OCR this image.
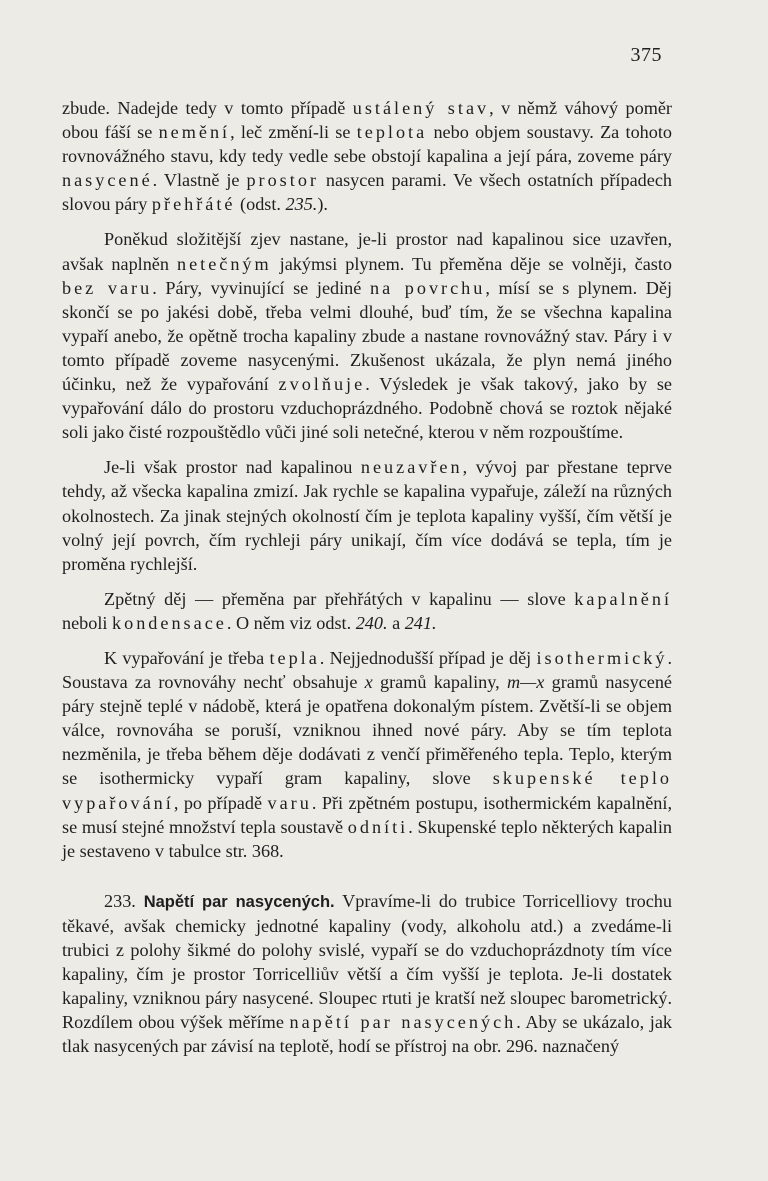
375

zbude. Nadejde tedy v tomto případě ustálený stav, v němž váhový poměr obou fáší se nemění, leč změní-li se teplota nebo objem soustavy. Za tohoto rovnovážného stavu, kdy tedy vedle sebe obstojí kapalina a její pára, zoveme páry nasycené. Vlastně je prostor nasycen parami. Ve všech ostatních případech slovou páry přehřáté (odst. 235.).

Poněkud složitější zjev nastane, je-li prostor nad kapalinou sice uzavřen, avšak naplněn netečným jakýmsi plynem. Tu přeměna děje se volněji, často bez varu. Páry, vyvinující se jediné na povrchu, mísí se s plynem. Děj skončí se po jakési době, třeba velmi dlouhé, buď tím, že se všechna kapalina vypaří anebo, že opětně trocha kapaliny zbude a nastane rovnovážný stav. Páry i v tomto případě zoveme nasycenými. Zkušenost ukázala, že plyn nemá jiného účinku, než že vypařování zvolňuje. Výsledek je však takový, jako by se vypařování dálo do prostoru vzduchoprázdného. Podobně chová se roztok nějaké soli jako čisté rozpouštědlo vůči jiné soli netečné, kterou v něm rozpouštíme.

Je-li však prostor nad kapalinou neuzavřen, vývoj par přestane teprve tehdy, až všecka kapalina zmizí. Jak rychle se kapalina vypařuje, záleží na různých okolnostech. Za jinak stejných okolností čím je teplota kapaliny vyšší, čím větší je volný její povrch, čím rychleji páry unikají, čím více dodává se tepla, tím je proměna rychlejší.

Zpětný děj — přeměna par přehřátých v kapalinu — slove kapalnění neboli kondensace. O něm viz odst. 240. a 241.

K vypařování je třeba tepla. Nejjednodušší případ je děj isothermický. Soustava za rovnováhy nechť obsahuje x gramů kapaliny, m—x gramů nasycené páry stejně teplé v nádobě, která je opatřena dokonalým pístem. Zvětší-li se objem válce, rovnováha se poruší, vzniknou ihned nové páry. Aby se tím teplota nezměnila, je třeba během děje dodávati z venčí přiměřeného tepla. Teplo, kterým se isothermicky vypaří gram kapaliny, slove skupenské teplo vypařování, po případě varu. Při zpětném postupu, isothermickém kapalnění, se musí stejné množství tepla soustavě odníti. Skupenské teplo některých kapalin je sestaveno v tabulce str. 368.

233. Napětí par nasycených. Vpravíme-li do trubice Torricelliovy trochu těkavé, avšak chemicky jednotné kapaliny (vody, alkoholu atd.) a zvedáme-li trubici z polohy šikmé do polohy svislé, vypaří se do vzduchoprázdnoty tím více kapaliny, čím je prostor Torricelliův větší a čím vyšší je teplota. Je-li dostatek kapaliny, vzniknou páry nasycené. Sloupec rtuti je kratší než sloupec barometrický. Rozdílem obou výšek měříme napětí par nasycených. Aby se ukázalo, jak tlak nasycených par závisí na teplotě, hodí se přístroj na obr. 296. naznačený
